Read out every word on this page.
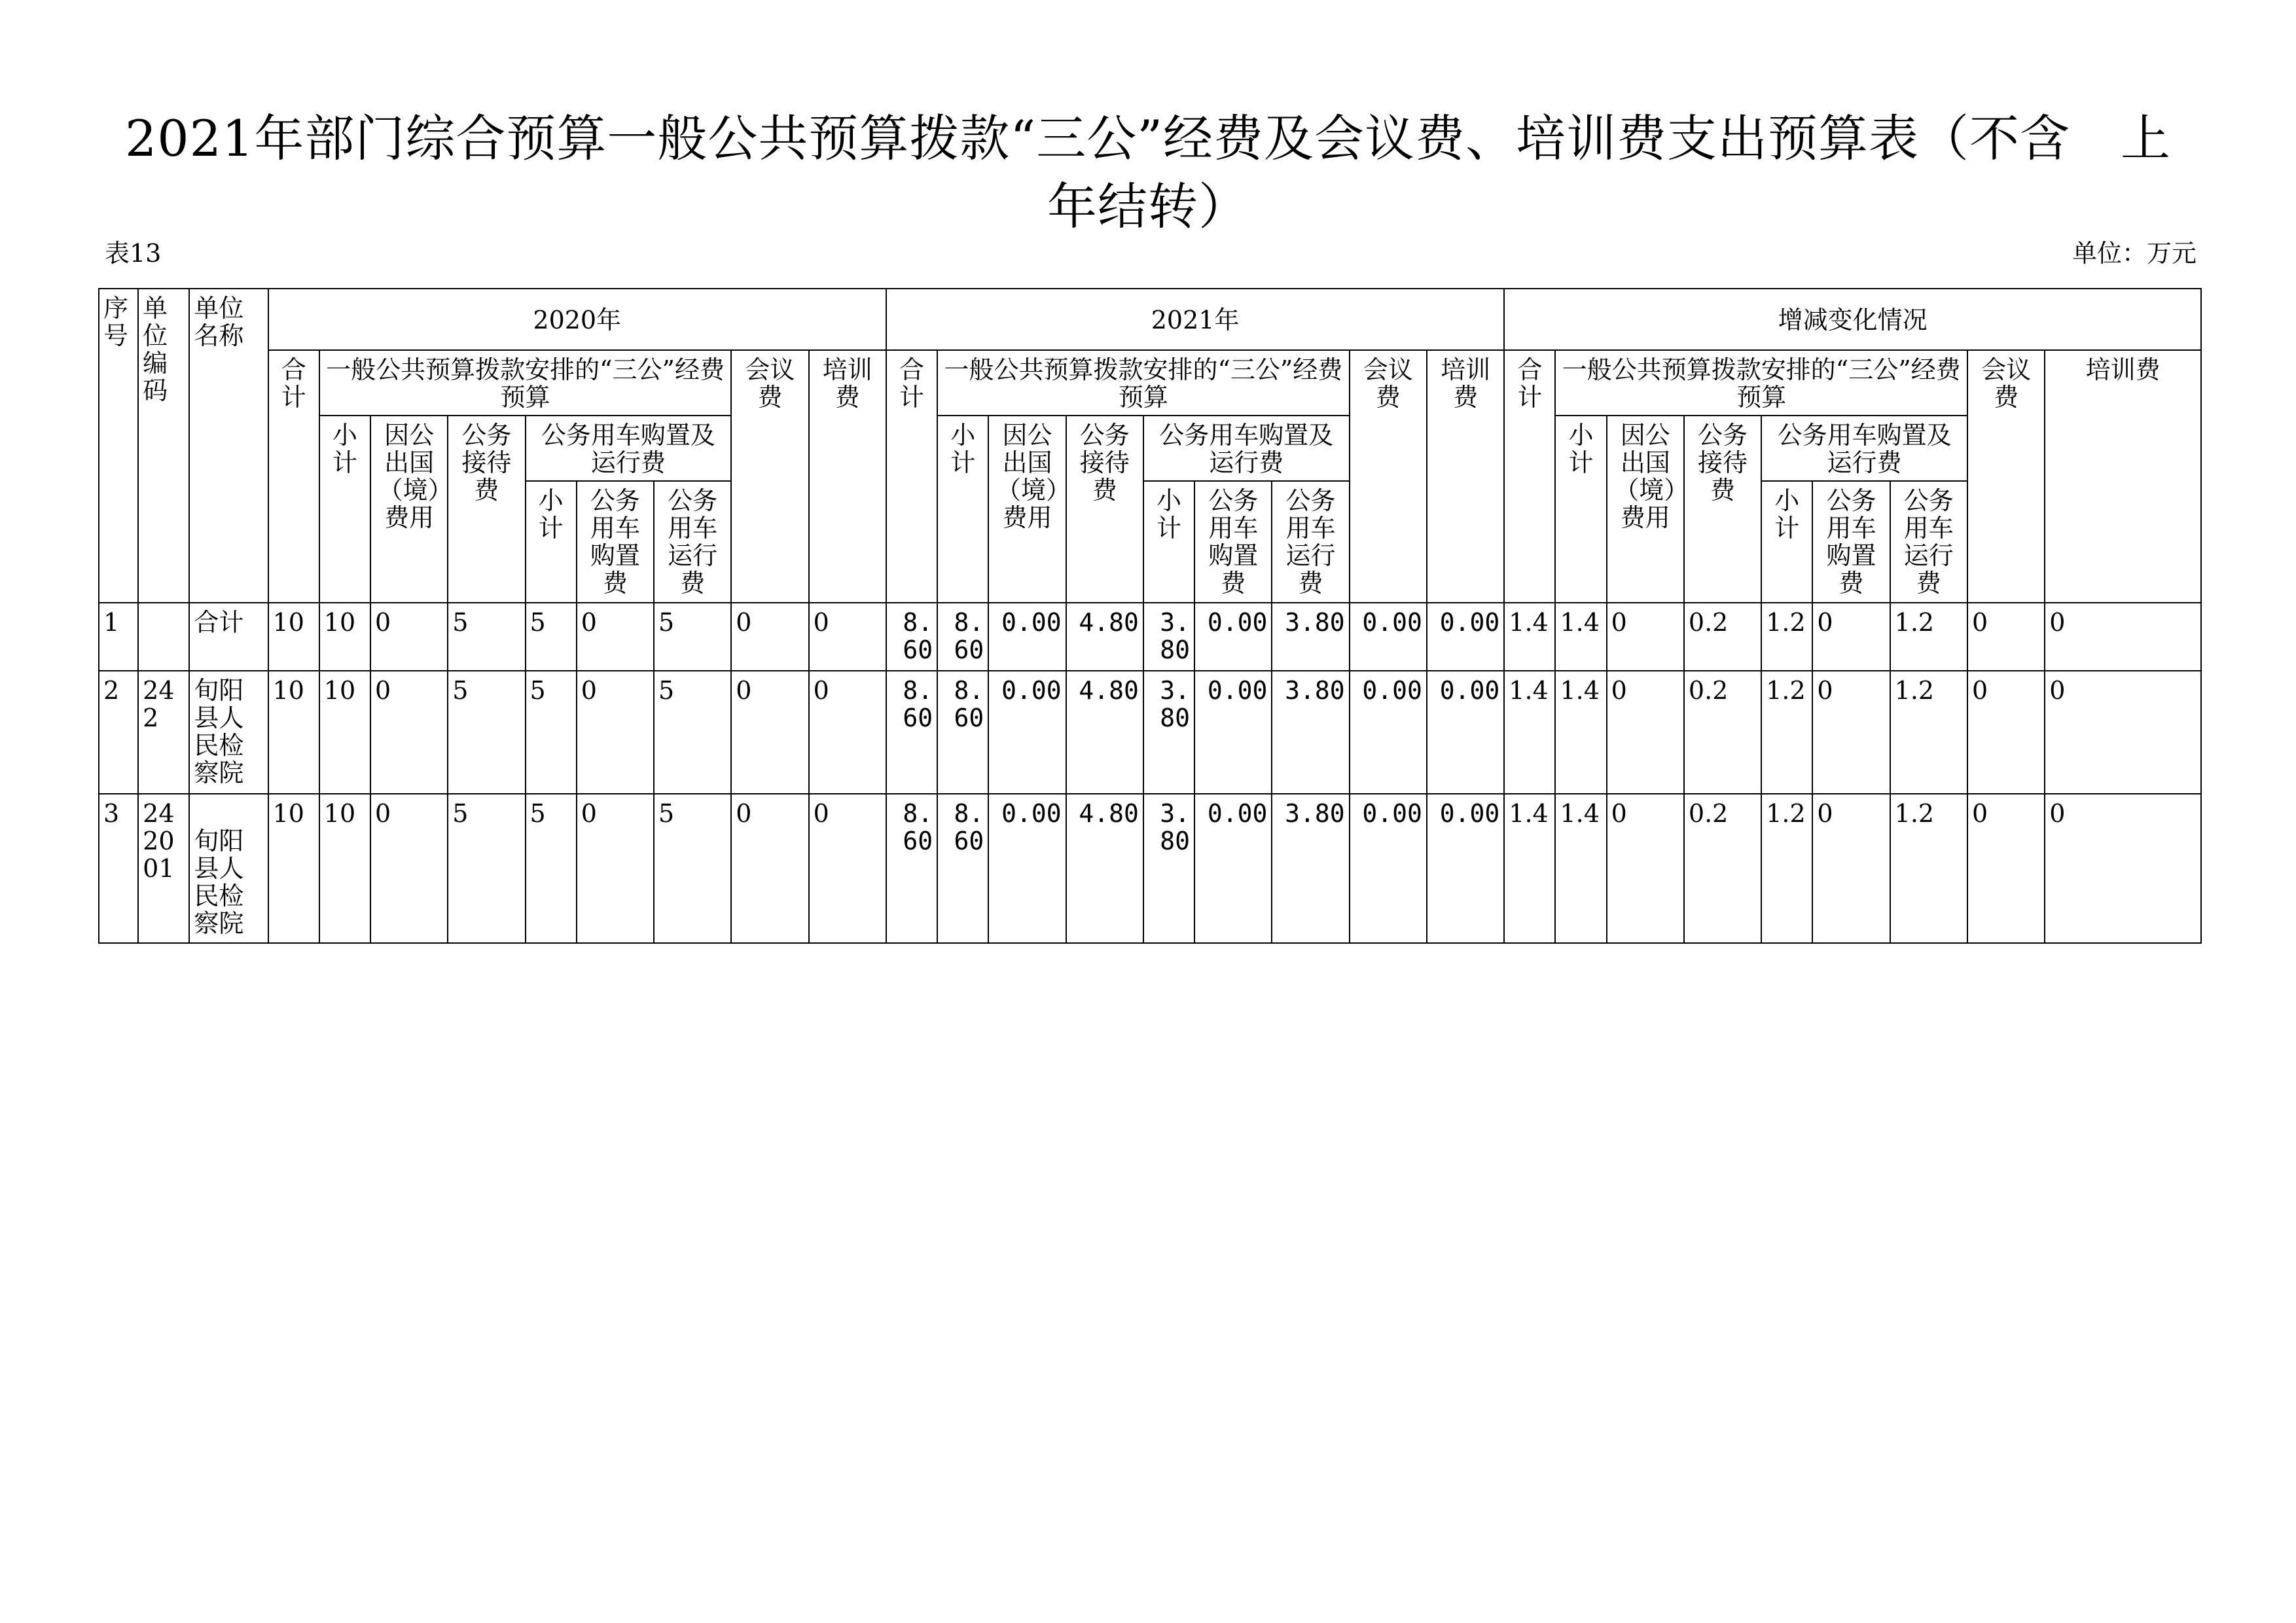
2021年部门综合预算一般公共预算拨款“三公”经费及会议费、培训费支出预算表（不含　上
年结转）
表13	单位：万元
序号	单位编码	单位名称	2020年									2021年									增减变化情况								
			合计	一般公共预算拨款安排的“三公”经费预算						会议费	培训费	合计	一般公共预算拨款安排的“三公”经费预算						会议费	培训费	合计	一般公共预算拨款安排的“三公”经费预算						会议费	培训费
				小计	因公出国（境）费用	公务接待费	公务用车购置及运行费						小计	因公出国（境）费用	公务接待费	公务用车购置及运行费						小计	因公出国（境）费用	公务接待费	公务用车购置及运行费				
							小计	公务用车购置费	公务用车运行费							小计	公务用车购置费	公务用车运行费							小计	公务用车购置费	公务用车运行费		
1		合计	10	10	0	5	5	0	5	0	0	8.60	8.60	0.00	4.80	3.80	0.00	3.80	0.00	0.00	1.4	1.4	0	0.2	1.2	0	1.2	0	0
2	242	旬阳县人民检察院	10	10	0	5	5	0	5	0	0	8.60	8.60	0.00	4.80	3.80	0.00	3.80	0.00	0.00	1.4	1.4	0	0.2	1.2	0	1.2	0	0
3	242001	旬阳县人民检察院	10	10	0	5	5	0	5	0	0	8.60	8.60	0.00	4.80	3.80	0.00	3.80	0.00	0.00	1.4	1.4	0	0.2	1.2	0	1.2	0	0
